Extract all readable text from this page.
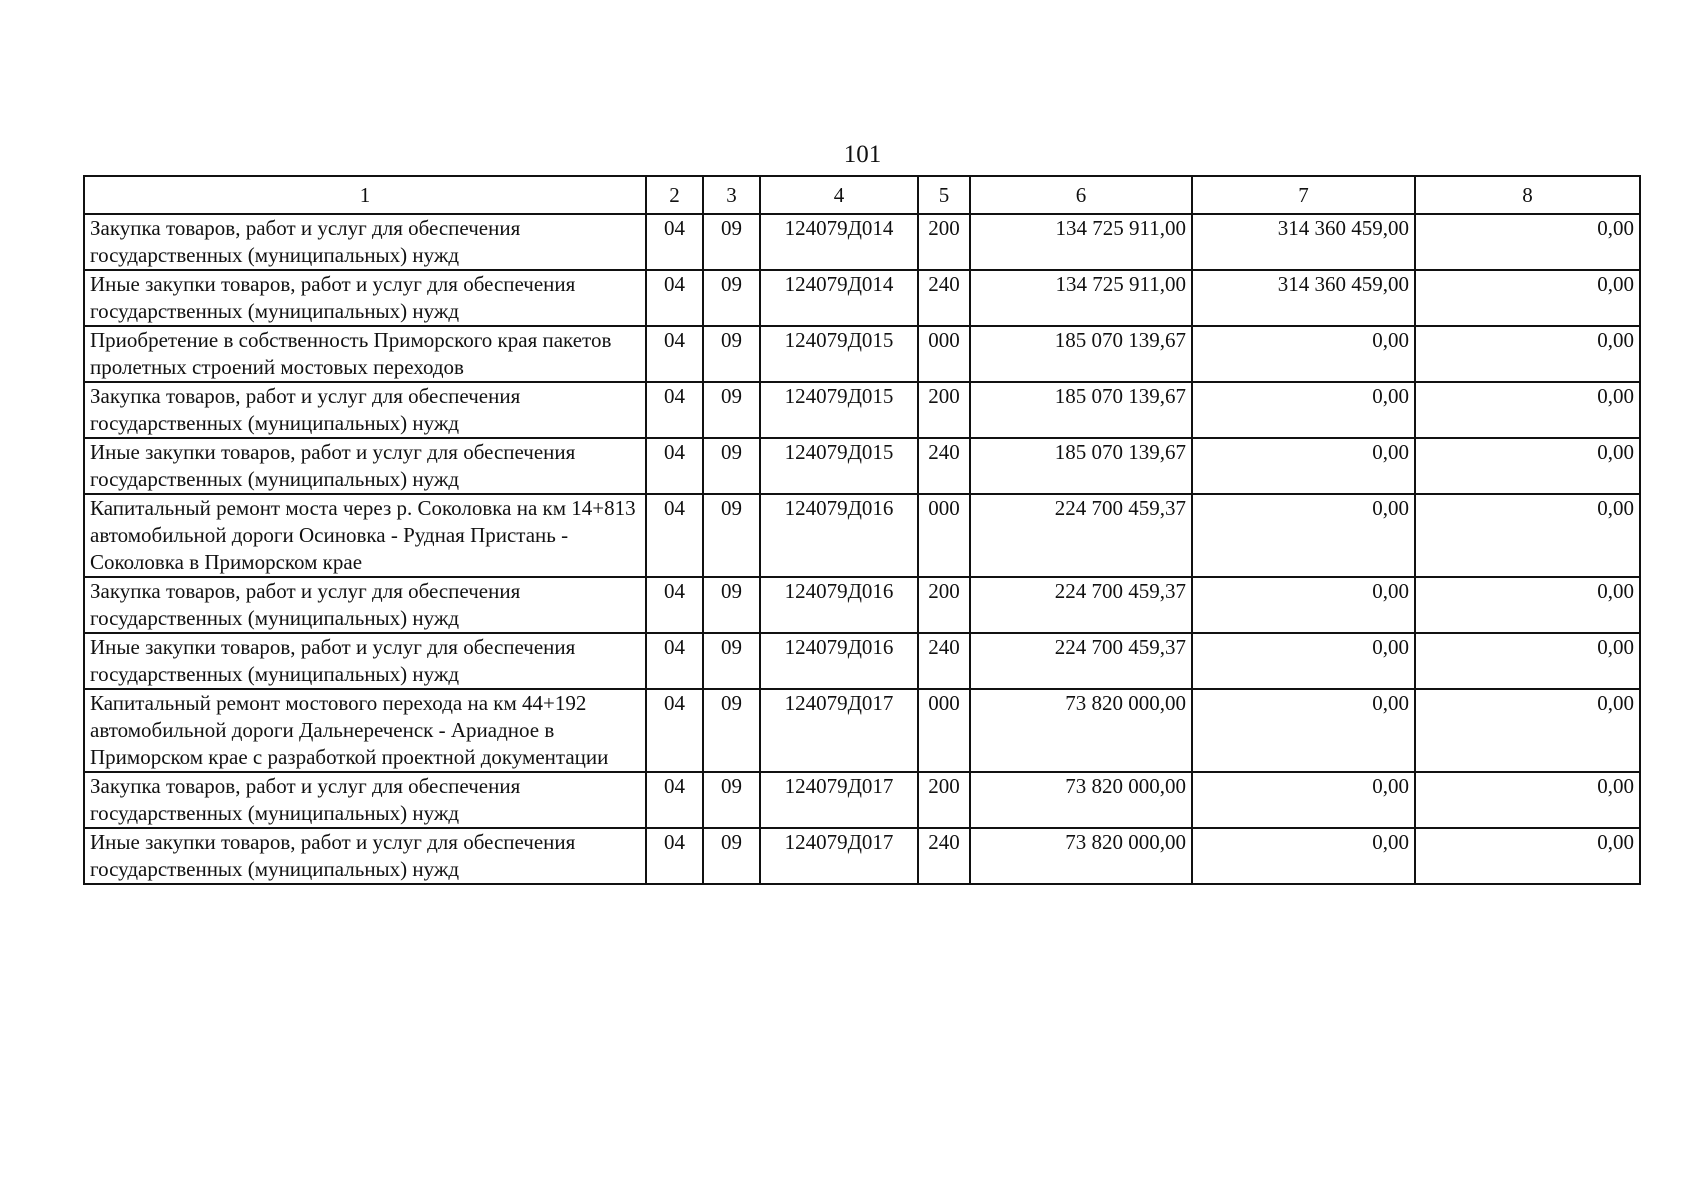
101
1	2	3	4	5	6	7	8
Закупка товаров, работ и услуг для обеспечения государственных (муниципальных) нужд	04	09	124079Д014	200	134 725 911,00	314 360 459,00	0,00
Иные закупки товаров, работ и услуг для обеспечения государственных (муниципальных) нужд	04	09	124079Д014	240	134 725 911,00	314 360 459,00	0,00
Приобретение в собственность Приморского края пакетов пролетных строений мостовых переходов	04	09	124079Д015	000	185 070 139,67	0,00	0,00
Закупка товаров, работ и услуг для обеспечения государственных (муниципальных) нужд	04	09	124079Д015	200	185 070 139,67	0,00	0,00
Иные закупки товаров, работ и услуг для обеспечения государственных (муниципальных) нужд	04	09	124079Д015	240	185 070 139,67	0,00	0,00
Капитальный ремонт моста через р. Соколовка на км 14+813 автомобильной дороги Осиновка - Рудная Пристань - Соколовка в Приморском крае	04	09	124079Д016	000	224 700 459,37	0,00	0,00
Закупка товаров, работ и услуг для обеспечения государственных (муниципальных) нужд	04	09	124079Д016	200	224 700 459,37	0,00	0,00
Иные закупки товаров, работ и услуг для обеспечения государственных (муниципальных) нужд	04	09	124079Д016	240	224 700 459,37	0,00	0,00
Капитальный ремонт мостового перехода на км 44+192 автомобильной дороги Дальнереченск - Ариадное в Приморском крае с разработкой проектной документации	04	09	124079Д017	000	73 820 000,00	0,00	0,00
Закупка товаров, работ и услуг для обеспечения государственных (муниципальных) нужд	04	09	124079Д017	200	73 820 000,00	0,00	0,00
Иные закупки товаров, работ и услуг для обеспечения государственных (муниципальных) нужд	04	09	124079Д017	240	73 820 000,00	0,00	0,00
